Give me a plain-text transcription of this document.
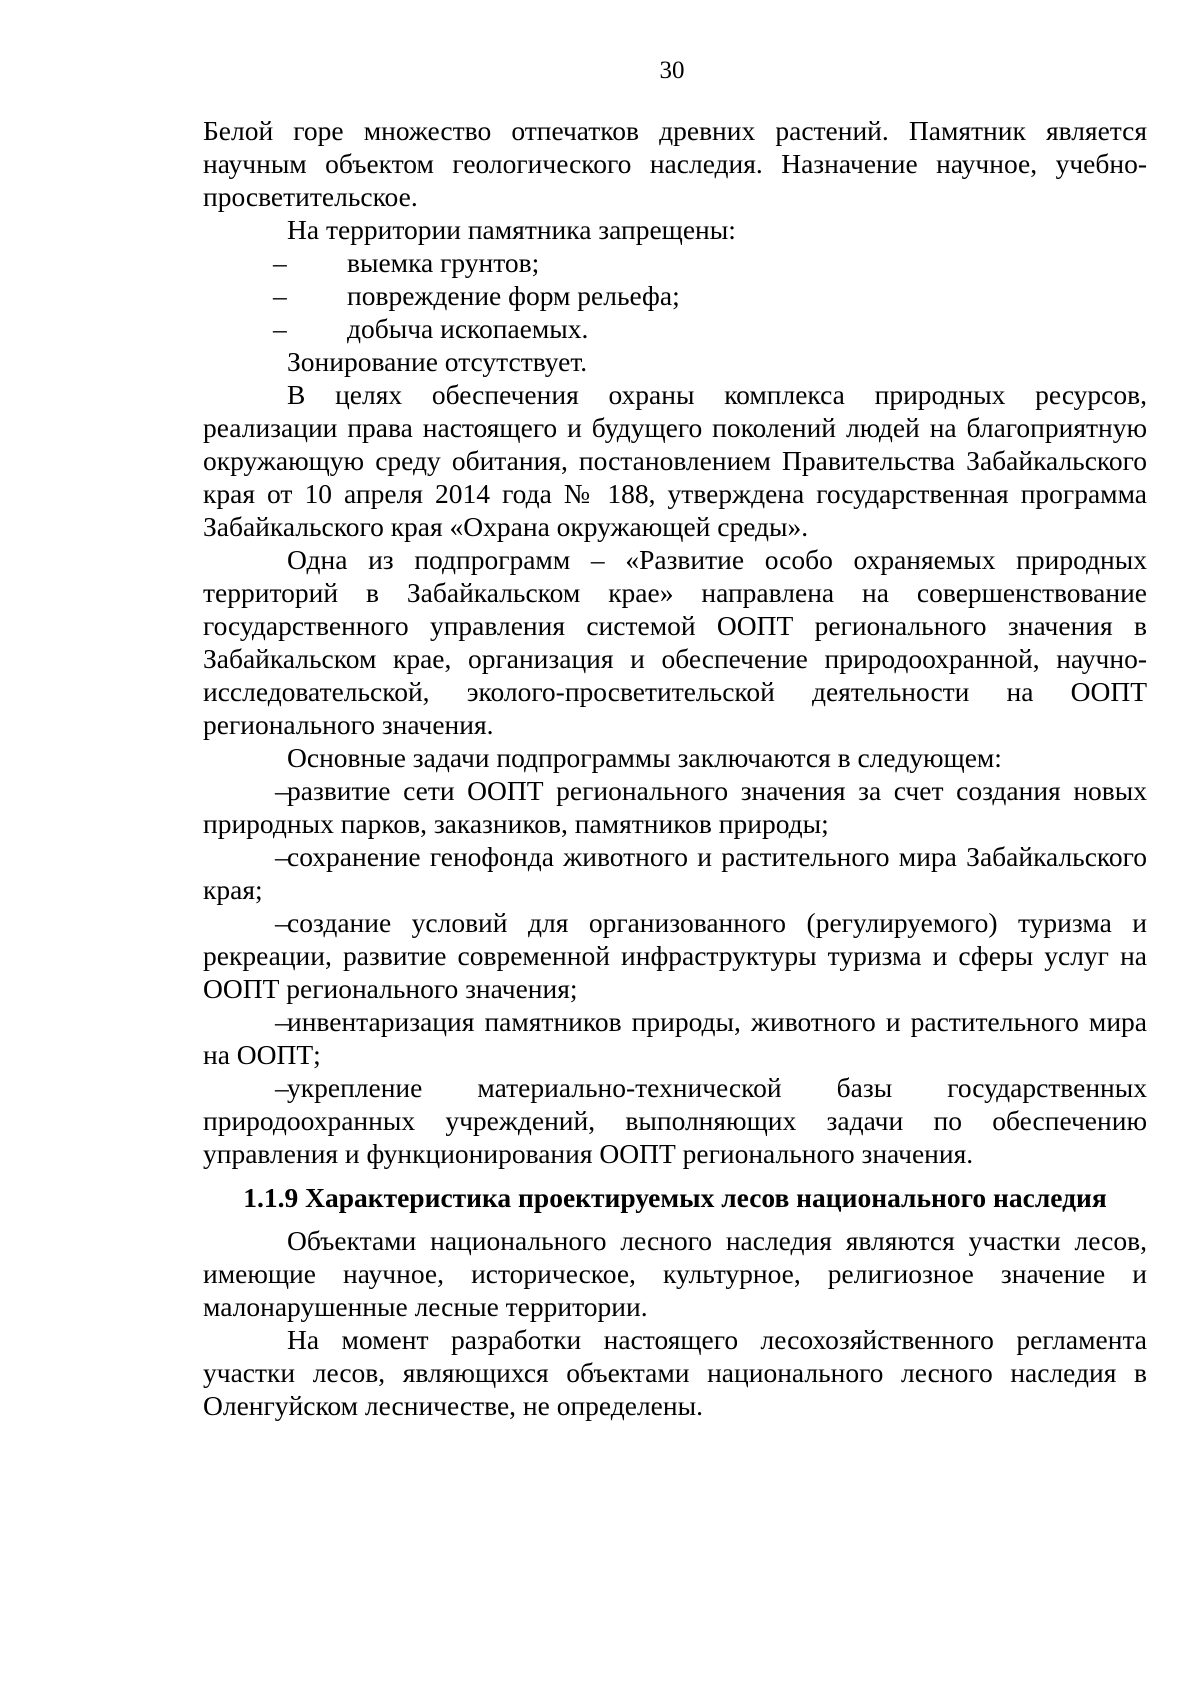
30

Белой горе множество отпечатков древних растений. Памятник является научным объектом геологического наследия. Назначение научное, учебно-просветительское.

На территории памятника запрещены:

– выемка грунтов;
– повреждение форм рельефа;
– добыча ископаемых.

Зонирование отсутствует.

В целях обеспечения охраны комплекса природных ресурсов, реализации права настоящего и будущего поколений людей на благоприятную окружающую среду обитания, постановлением Правительства Забайкальского края от 10 апреля 2014 года № 188, утверждена государственная программа Забайкальского края «Охрана окружающей среды».

Одна из подпрограмм – «Развитие особо охраняемых природных территорий в Забайкальском крае» направлена на совершенствование государственного управления системой ООПТ регионального значения в Забайкальском крае, организация и обеспечение природоохранной, научно-исследовательской, эколого-просветительской деятельности на ООПТ регионального значения.

Основные задачи подпрограммы заключаются в следующем:

–
развитие сети ООПТ регионального значения за счет создания новых природных парков, заказников, памятников природы;

–
сохранение генофонда животного и растительного мира Забайкальского края;

–
создание условий для организованного (регулируемого) туризма и рекреации, развитие современной инфраструктуры туризма и сферы услуг на ООПТ регионального значения;

–
инвентаризация памятников природы, животного и растительного мира на ООПТ;

–
укрепление материально-технической базы государственных природоохранных учреждений, выполняющих задачи по обеспечению управления и функционирования ООПТ регионального значения.

1.1.9 Характеристика проектируемых лесов национального наследия

Объектами национального лесного наследия являются участки лесов, имеющие научное, историческое, культурное, религиозное значение и малонарушенные лесные территории.

На момент разработки настоящего лесохозяйственного регламента участки лесов, являющихся объектами национального лесного наследия в Оленгуйском лесничестве, не определены.
